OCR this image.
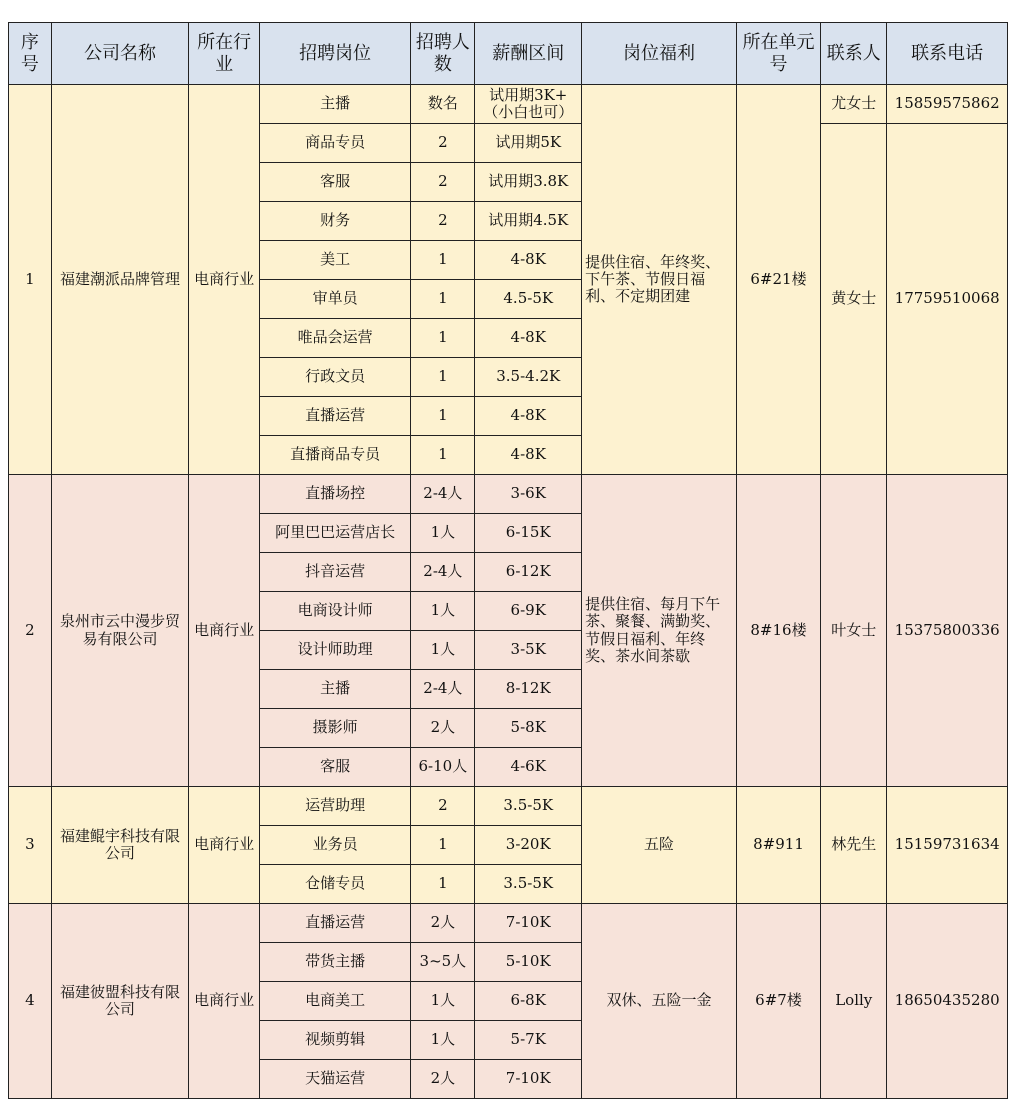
序号	公司名称	所在行业	招聘岗位	招聘人数	薪酬区间	岗位福利	所在单元号	联系人	联系电话
1	福建潮派品牌管理	电商行业	主播	数名	试用期3K+（小白也可）	提供住宿、年终奖、下午茶、节假日福利、不定期团建	6#21楼	尤女士	15859575862
			商品专员	2	试用期5K			黄女士	17759510068
			客服	2	试用期3.8K				
			财务	2	试用期4.5K				
			美工	1	4-8K				
			审单员	1	4.5-5K				
			唯品会运营	1	4-8K				
			行政文员	1	3.5-4.2K				
			直播运营	1	4-8K				
			直播商品专员	1	4-8K				
2	泉州市云中漫步贸易有限公司	电商行业	直播场控	2-4人	3-6K	提供住宿、每月下午茶、聚餐、满勤奖、节假日福利、年终奖、茶水间茶歇	8#16楼	叶女士	15375800336
			阿里巴巴运营店长	1人	6-15K				
			抖音运营	2-4人	6-12K				
			电商设计师	1人	6-9K				
			设计师助理	1人	3-5K				
			主播	2-4人	8-12K				
			摄影师	2人	5-8K				
			客服	6-10人	4-6K				
3	福建鲲宇科技有限公司	电商行业	运营助理	2	3.5-5K	五险	8#911	林先生	15159731634
			业务员	1	3-20K				
			仓储专员	1	3.5-5K				
4	福建彼盟科技有限公司	电商行业	直播运营	2人	7-10K	双休、五险一金	6#7楼	Lolly	18650435280
			带货主播	3~5人	5-10K				
			电商美工	1人	6-8K				
			视频剪辑	1人	5-7K				
			天猫运营	2人	7-10K				
